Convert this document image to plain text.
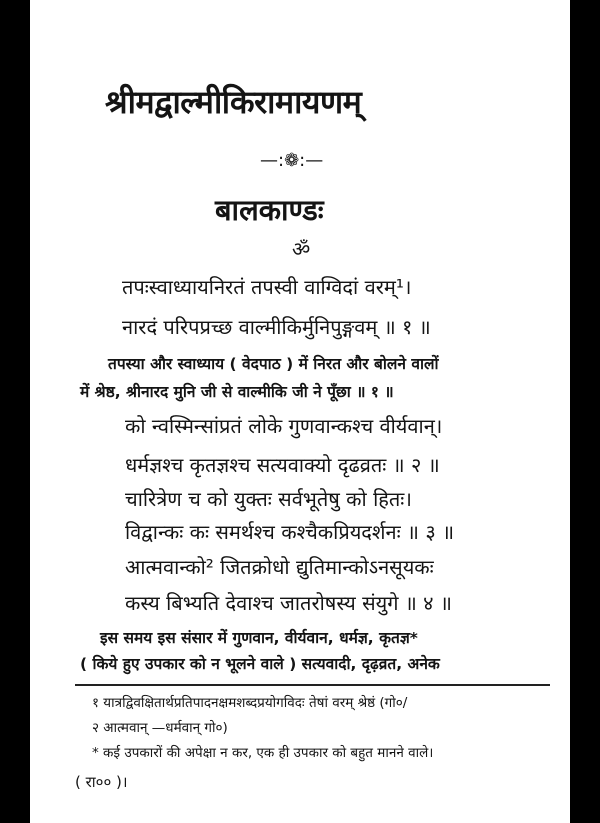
श्रीमद्वाल्मीकिरामायणम्
—:❁:—
बालकाण्डः
ॐ
तपःस्वाध्यायनिरतं तपस्वी वाग्विदां वरम्¹।
नारदं परिपप्रच्छ वाल्मीकिर्मुनिपुङ्गवम् ॥ १ ॥
तपस्या और स्वाध्याय ( वेदपाठ ) में निरत और बोलने वालों
में श्रेष्ठ, श्रीनारद मुनि जी से वाल्मीकि जी ने पूँछा ॥ १ ॥
को न्वस्मिन्सांप्रतं लोके गुणवान्कश्च वीर्यवान्।
धर्मज्ञश्च कृतज्ञश्च सत्यवाक्यो दृढव्रतः ॥ २ ॥
चारित्रेण च को युक्तः सर्वभूतेषु को हितः।
विद्वान्कः कः समर्थश्च कश्चैकप्रियदर्शनः ॥ ३ ॥
आत्मवान्को² जितक्रोधो द्युतिमान्कोऽनसूयकः
कस्य बिभ्यति देवाश्च जातरोषस्य संयुगे ॥ ४ ॥
इस समय इस संसार में गुणवान, वीर्यवान, धर्मज्ञ, कृतज्ञ*
( किये हुए उपकार को न भूलने वाले ) सत्यवादी, दृढ़व्रत, अनेक
१ यात्रद्विवक्षितार्थप्रतिपादनक्षमशब्दप्रयोगविदः तेषां वरम् श्रेष्ठं (गो०/
२ आत्मवान् —धर्मवान् गो०)
* कई उपकारों की अपेक्षा न कर, एक ही उपकार को बहुत मानने वाले।
( रा०० )।
